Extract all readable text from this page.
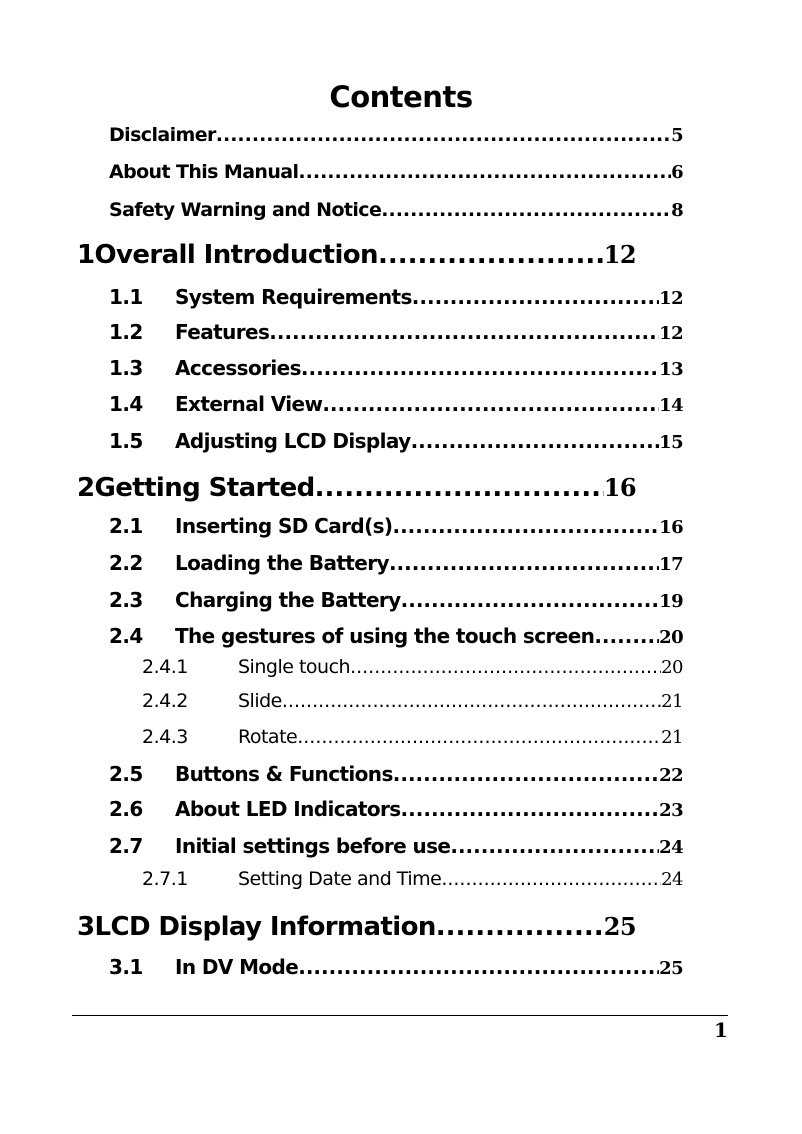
Contents
Disclaimer .....	5
About This Manual .....	6
Safety Warning and Notice .....	8
1 Overall Introduction .....	12
1.1	System Requirements .....	12
1.2	Features .....	12
1.3	Accessories .....	13
1.4	External View .....	14
1.5	Adjusting LCD Display .....	15
2 Getting Started .....	16
2.1	Inserting SD Card(s) .....	16
2.2	Loading the Battery .....	17
2.3	Charging the Battery .....	19
2.4	The gestures of using the touch screen .....	20
2.4.1	Single touch .....	20
2.4.2	Slide .....	21
2.4.3	Rotate .....	21
2.5	Buttons & Functions .....	22
2.6	About LED Indicators .....	23
2.7	Initial settings before use .....	24
2.7.1	Setting Date and Time .....	24
3 LCD Display Information .....	25
3.1	In DV Mode .....	25
1
